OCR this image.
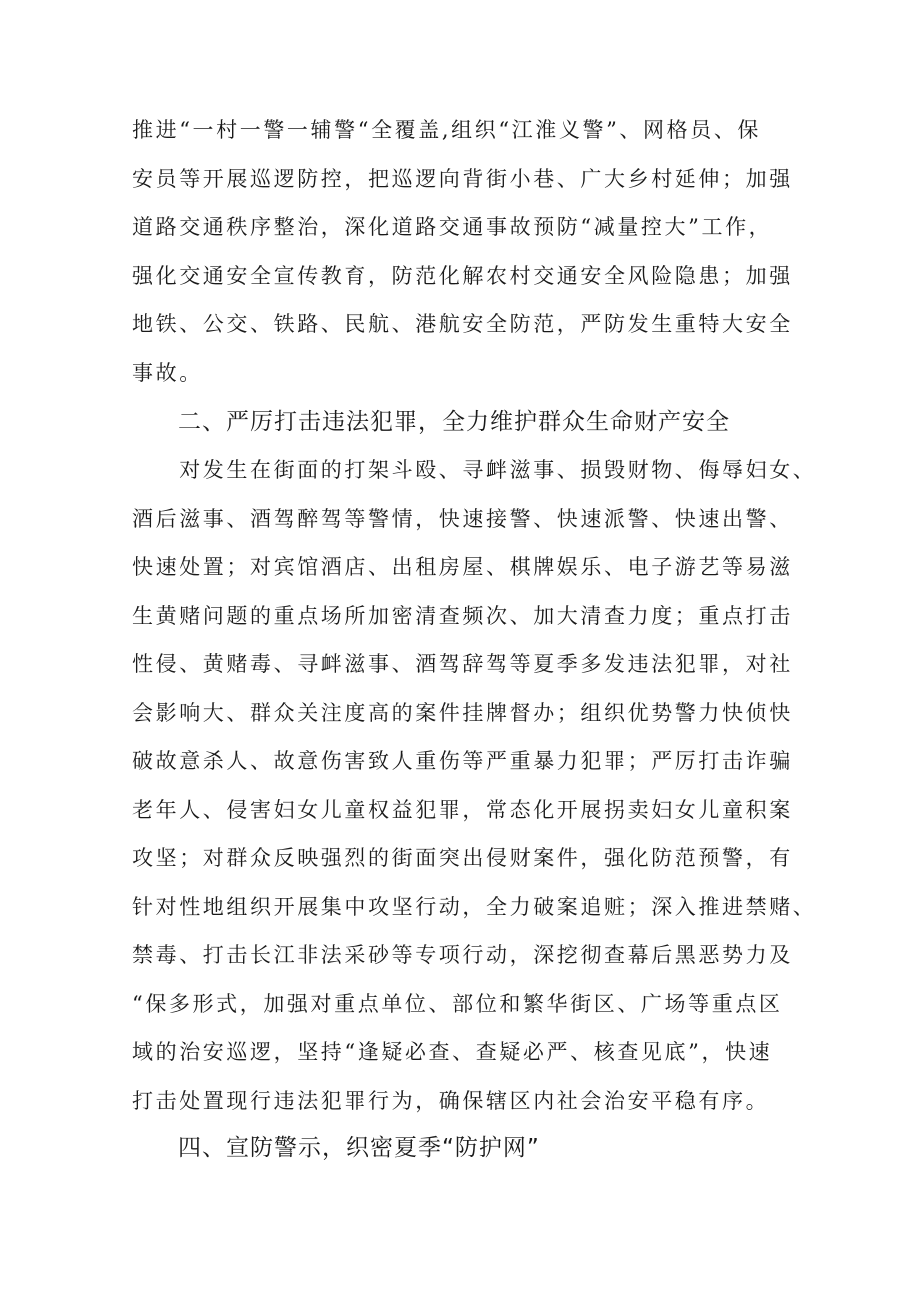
推进“一村一警一辅警“全覆盖,组织“江淮义警”、网格员、保
安员等开展巡逻防控，把巡逻向背街小巷、广大乡村延伸；加强
道路交通秩序整治，深化道路交通事故预防“减量控大”工作，
强化交通安全宣传教育，防范化解农村交通安全风险隐患；加强
地铁、公交、铁路、民航、港航安全防范，严防发生重特大安全
事故。
二、严厉打击违法犯罪，全力维护群众生命财产安全
　　对发生在街面的打架斗殴、寻衅滋事、损毁财物、侮辱妇女、
酒后滋事、酒驾醉驾等警情，快速接警、快速派警、快速出警、
快速处置；对宾馆酒店、出租房屋、棋牌娱乐、电子游艺等易滋
生黄赌问题的重点场所加密清查频次、加大清查力度；重点打击
性侵、黄赌毒、寻衅滋事、酒驾辞驾等夏季多发违法犯罪，对社
会影响大、群众关注度高的案件挂牌督办；组织优势警力快侦快
破故意杀人、故意伤害致人重伤等严重暴力犯罪；严厉打击诈骗
老年人、侵害妇女儿童权益犯罪，常态化开展拐卖妇女儿童积案
攻坚；对群众反映强烈的街面突出侵财案件，强化防范预警，有
针对性地组织开展集中攻坚行动，全力破案追赃；深入推进禁赌、
禁毒、打击长江非法采砂等专项行动，深挖彻查幕后黑恶势力及
“保多形式，加强对重点单位、部位和繁华街区、广场等重点区
域的治安巡逻，坚持“逢疑必查、查疑必严、核查见底”，快速
打击处置现行违法犯罪行为，确保辖区内社会治安平稳有序。
四、宣防警示，织密夏季“防护网”
